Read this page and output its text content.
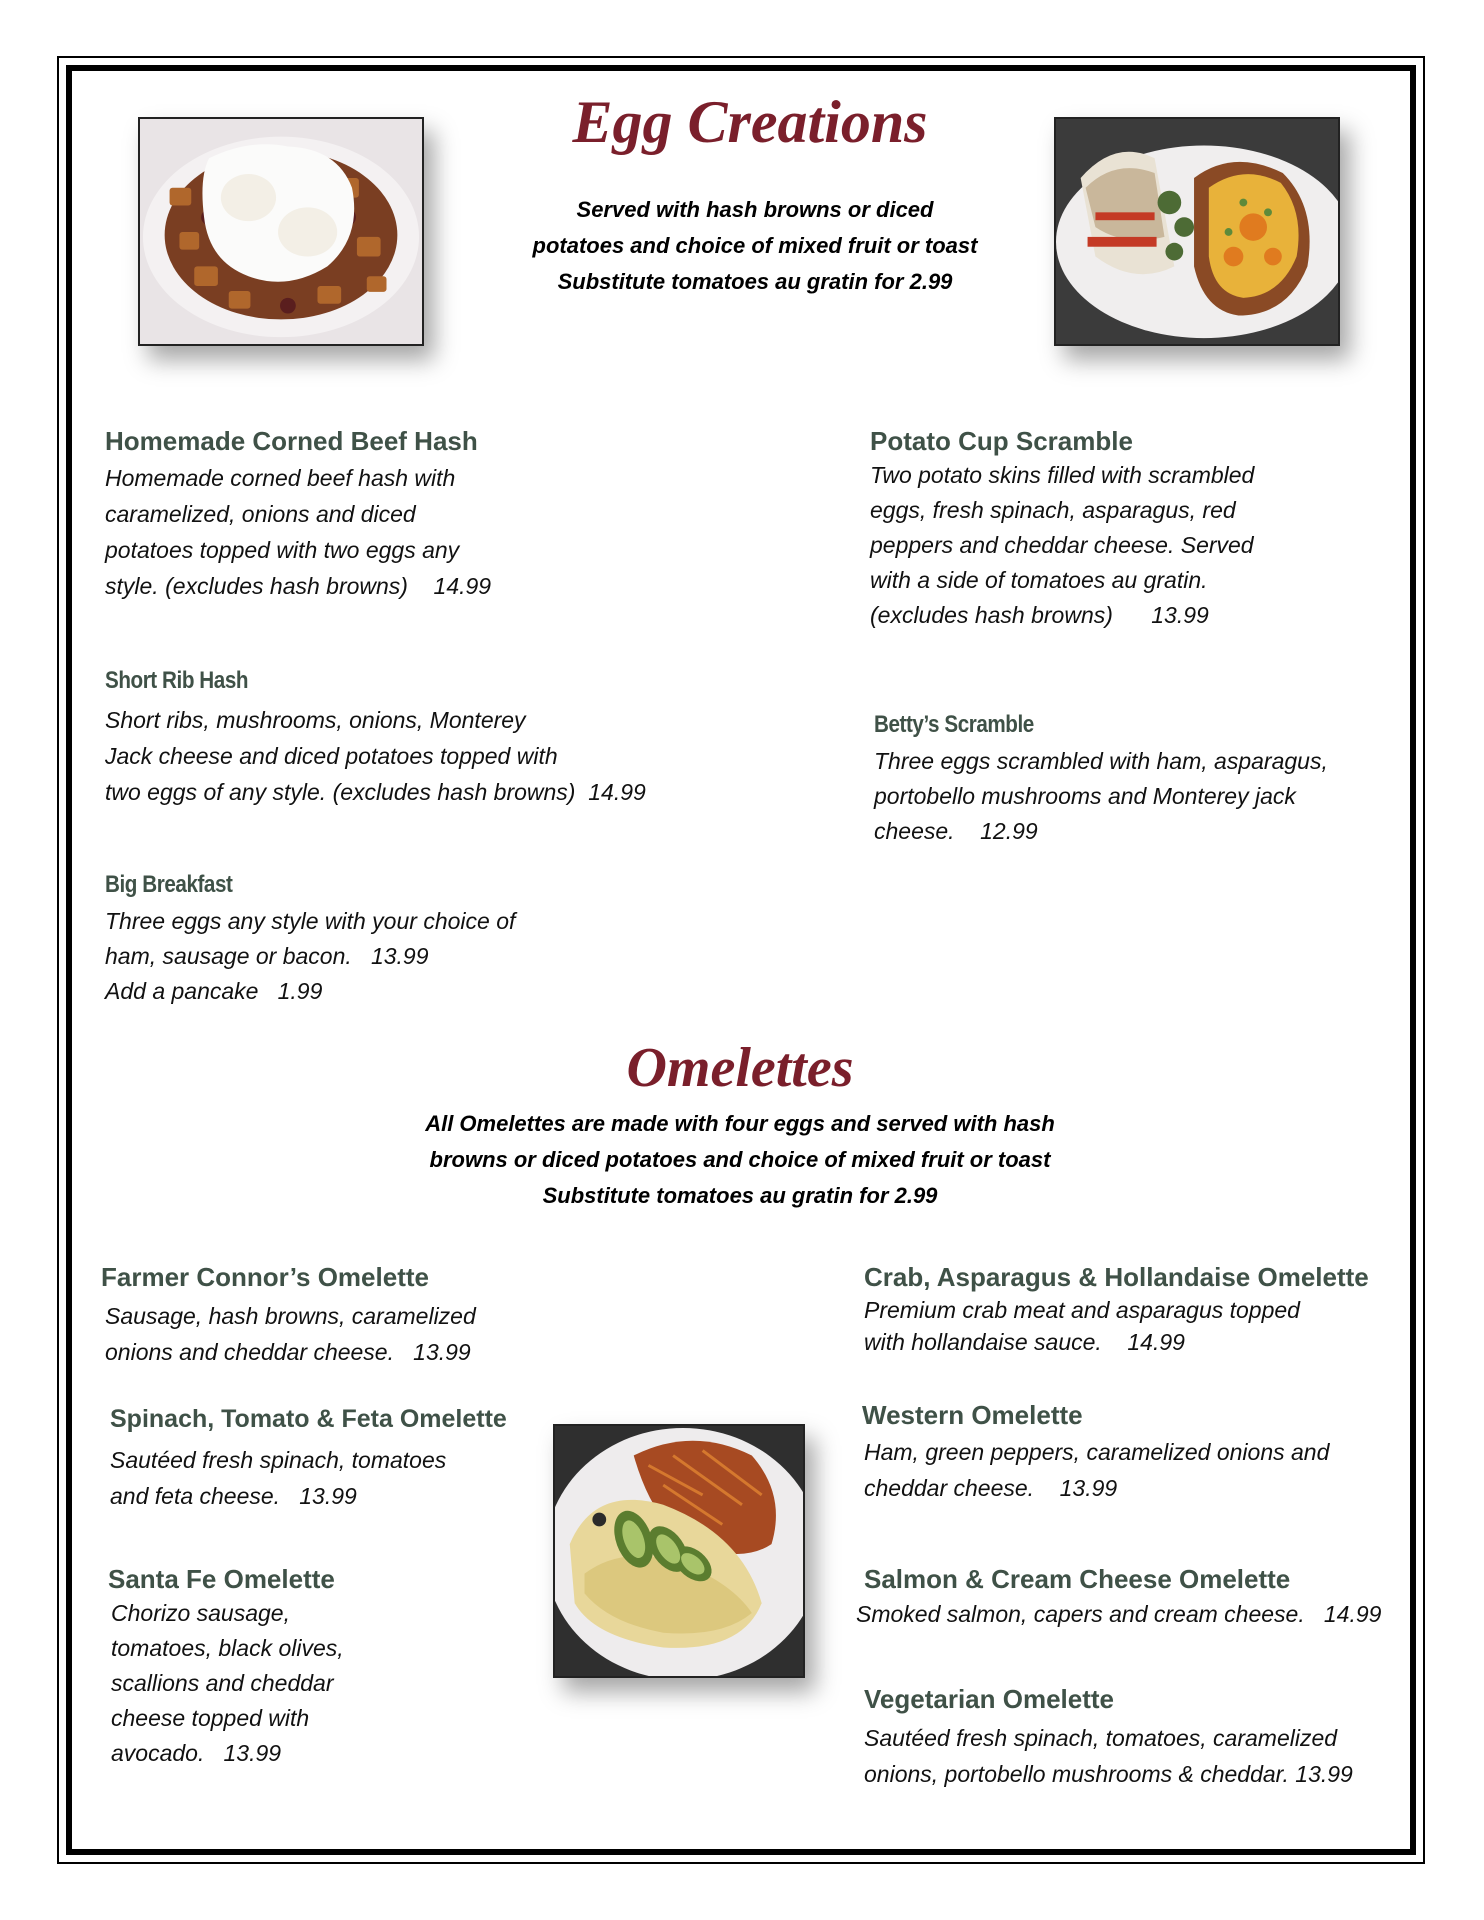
Egg Creations
Served with hash browns or diced
potatoes and choice of mixed fruit or toast
Substitute tomatoes au gratin for 2.99
Homemade Corned Beef Hash
Homemade corned beef hash with
caramelized, onions and diced
potatoes topped with two eggs any
style. (excludes hash browns)    14.99
Potato Cup Scramble
Two potato skins filled with scrambled
eggs, fresh spinach, asparagus, red
peppers and cheddar cheese. Served
with a side of tomatoes au gratin.
(excludes hash browns)      13.99
Short Rib Hash
Short ribs, mushrooms, onions, Monterey
Jack cheese and diced potatoes topped with
two eggs of any style. (excludes hash browns)  14.99
Betty’s Scramble
Three eggs scrambled with ham, asparagus,
portobello mushrooms and Monterey jack
cheese.    12.99
Big Breakfast
Three eggs any style with your choice of
ham, sausage or bacon.   13.99
Add a pancake   1.99
Omelettes
All Omelettes are made with four eggs and served with hash
browns or diced potatoes and choice of mixed fruit or toast
Substitute tomatoes au gratin for 2.99
Farmer Connor’s Omelette
Sausage, hash browns, caramelized
onions and cheddar cheese.   13.99
Crab, Asparagus & Hollandaise Omelette
Premium crab meat and asparagus topped
with hollandaise sauce.    14.99
Spinach, Tomato & Feta Omelette
Sautéed fresh spinach, tomatoes
and feta cheese.   13.99
Western Omelette
Ham, green peppers, caramelized onions and
cheddar cheese.    13.99
Santa Fe Omelette
Chorizo sausage,
tomatoes, black olives,
scallions and cheddar
cheese topped with
avocado.   13.99
Salmon & Cream Cheese Omelette
Smoked salmon, capers and cream cheese.   14.99
Vegetarian Omelette
Sautéed fresh spinach, tomatoes, caramelized
onions, portobello mushrooms & cheddar. 13.99
